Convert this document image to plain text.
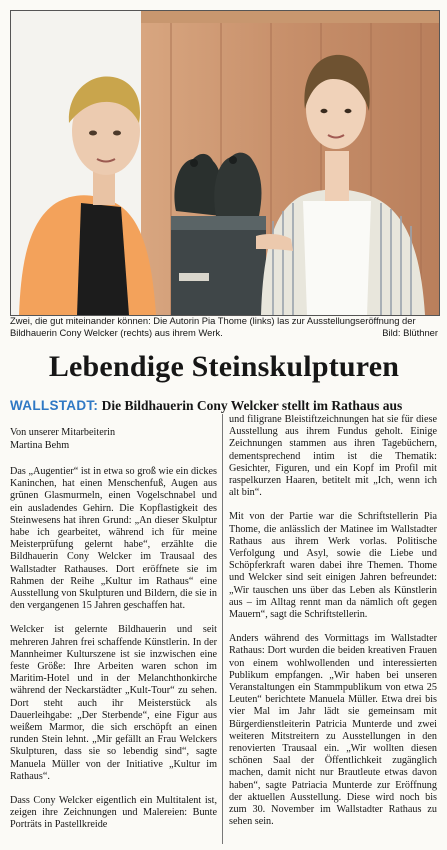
Zwei, die gut miteinander können: Die Autorin Pia Thome (links) las zur Ausstellungseröffnung der Bildhauerin Cony Welcker (rechts) aus ihrem Werk.	Bild: Blüthner
Lebendige Steinskulpturen
WALLSTADT: Die Bildhauerin Cony Welcker stellt im Rathaus aus
Von unserer Mitarbeiterin
Martina Behm

Das „Augentier“ ist in etwa so groß wie ein dickes Kaninchen, hat einen Menschenfuß, Augen aus grünen Glasmurmeln, einen Vogelschnabel und ein ausladendes Gehirn. Die Kopflastigkeit des Steinwesens hat ihren Grund: „An dieser Skulptur habe ich gearbeitet, während ich für meine Meisterprüfung gelernt habe“, erzählte die Bildhauerin Cony Welcker im Trausaal des Wallstadter Rathauses. Dort eröffnete sie im Rahmen der Reihe „Kultur im Rathaus“ eine Ausstellung von Skulpturen und Bildern, die sie in den vergangenen 15 Jahren geschaffen hat.

Welcker ist gelernte Bildhauerin und seit mehreren Jahren frei schaffende Künstlerin. In der Mannheimer Kulturszene ist sie inzwischen eine feste Größe: Ihre Arbeiten waren schon im Maritim-Hotel und in der Melanchthonkirche während der Neckarstädter „Kult-Tour“ zu sehen. Dort steht auch ihr Meisterstück als Dauerleihgabe: „Der Sterbende“, eine Figur aus weißem Marmor, die sich erschöpft an einen runden Stein lehnt. „Mir gefällt an Frau Welckers Skulpturen, dass sie so lebendig sind“, sagte Manuela Müller von der Initiative „Kultur im Rathaus“.

Dass Cony Welcker eigentlich ein Multitalent ist, zeigen ihre Zeichnungen und Malereien: Bunte Porträts in Pastellkreide

und filigrane Bleistiftzeichnungen hat sie für diese Ausstellung aus ihrem Fundus geholt. Einige Zeichnungen stammen aus ihren Tagebüchern, dementsprechend intim ist die Thematik: Gesichter, Figuren, und ein Kopf im Profil mit raspelkurzen Haaren, betitelt mit „Ich, wenn ich alt bin“.

Mit von der Partie war die Schriftstellerin Pia Thome, die anlässlich der Matinee im Wallstadter Rathaus aus ihrem Werk vorlas. Politische Verfolgung und Asyl, sowie die Liebe und Schöpferkraft waren dabei ihre Themen. Thome und Welcker sind seit einigen Jahren befreundet: „Wir tauschen uns über das Leben als Künstlerin aus – im Alltag rennt man da nämlich oft gegen Mauern“, sagt die Schriftstellerin.

Anders während des Vormittags im Wallstadter Rathaus: Dort wurden die beiden kreativen Frauen von einem wohlwollenden und interessierten Publikum empfangen. „Wir haben bei unseren Veranstaltungen ein Stammpublikum von etwa 25 Leuten“ berichtete Manuela Müller. Etwa drei bis vier Mal im Jahr lädt sie gemeinsam mit Bürgerdienstleiterin Patricia Munterde und zwei weiteren Mitstreitern zu Ausstellungen in den renovierten Trausaal ein. „Wir wollten diesen schönen Saal der Öffentlichkeit zugänglich machen, damit nicht nur Brautleute etwas davon haben“, sagte Patriacia Munterde zur Eröffnung der aktuellen Ausstellung. Diese wird noch bis zum 30. November im Wallstadter Rathaus zu sehen sein.
